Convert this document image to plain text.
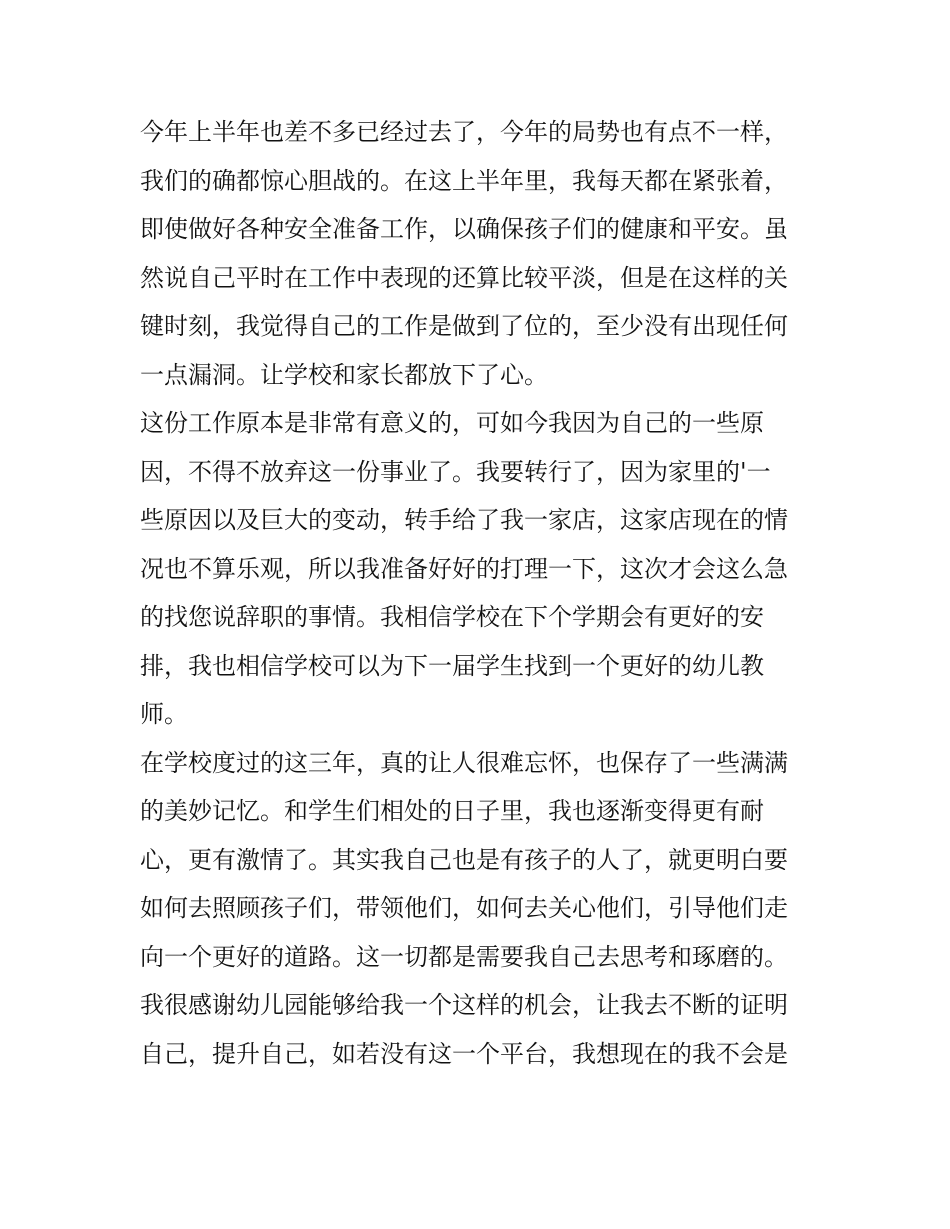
今年上半年也差不多已经过去了，今年的局势也有点不一样，
我们的确都惊心胆战的。在这上半年里，我每天都在紧张着，
即使做好各种安全准备工作，以确保孩子们的健康和平安。虽
然说自己平时在工作中表现的还算比较平淡，但是在这样的关
键时刻，我觉得自己的工作是做到了位的，至少没有出现任何
一点漏洞。让学校和家长都放下了心。
这份工作原本是非常有意义的，可如今我因为自己的一些原
因，不得不放弃这一份事业了。我要转行了，因为家里的'一
些原因以及巨大的变动，转手给了我一家店，这家店现在的情
况也不算乐观，所以我准备好好的打理一下，这次才会这么急
的找您说辞职的事情。我相信学校在下个学期会有更好的安
排，我也相信学校可以为下一届学生找到一个更好的幼儿教
师。
在学校度过的这三年，真的让人很难忘怀，也保存了一些满满
的美妙记忆。和学生们相处的日子里，我也逐渐变得更有耐
心，更有激情了。其实我自己也是有孩子的人了，就更明白要
如何去照顾孩子们，带领他们，如何去关心他们，引导他们走
向一个更好的道路。这一切都是需要我自己去思考和琢磨的。
我很感谢幼儿园能够给我一个这样的机会，让我去不断的证明
自己，提升自己，如若没有这一个平台，我想现在的我不会是
